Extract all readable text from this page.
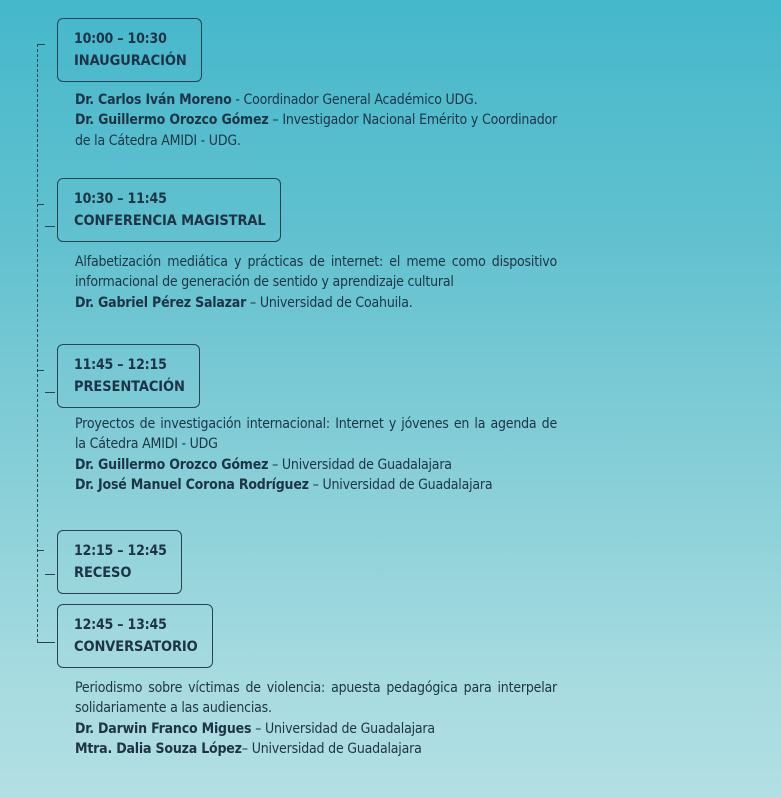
10:00 – 10:30
INAUGURACIÓN

Dr. Carlos Iván Moreno - Coordinador General Académico UDG.

Dr. Guillermo Orozco Gómez – Investigador Nacional Emérito y Coordinador de la Cátedra AMIDI - UDG.

10:30 – 11:45
CONFERENCIA MAGISTRAL

Alfabetización mediática y prácticas de internet: el meme como dispositivo informacional de generación de sentido y aprendizaje cultural

Dr. Gabriel Pérez Salazar – Universidad de Coahuila.

11:45 – 12:15
PRESENTACIÓN

Proyectos de investigación internacional: Internet y jóvenes en la agenda de la Cátedra AMIDI - UDG

Dr. Guillermo Orozco Gómez – Universidad de Guadalajara

Dr. José Manuel Corona Rodríguez – Universidad de Guadalajara

12:15 – 12:45
RECESO
12:45 – 13:45
CONVERSATORIO

Periodismo sobre víctimas de violencia: apuesta pedagógica para interpelar solidariamente a las audiencias.

Dr. Darwin Franco Migues – Universidad de Guadalajara

Mtra. Dalia Souza López– Universidad de Guadalajara
